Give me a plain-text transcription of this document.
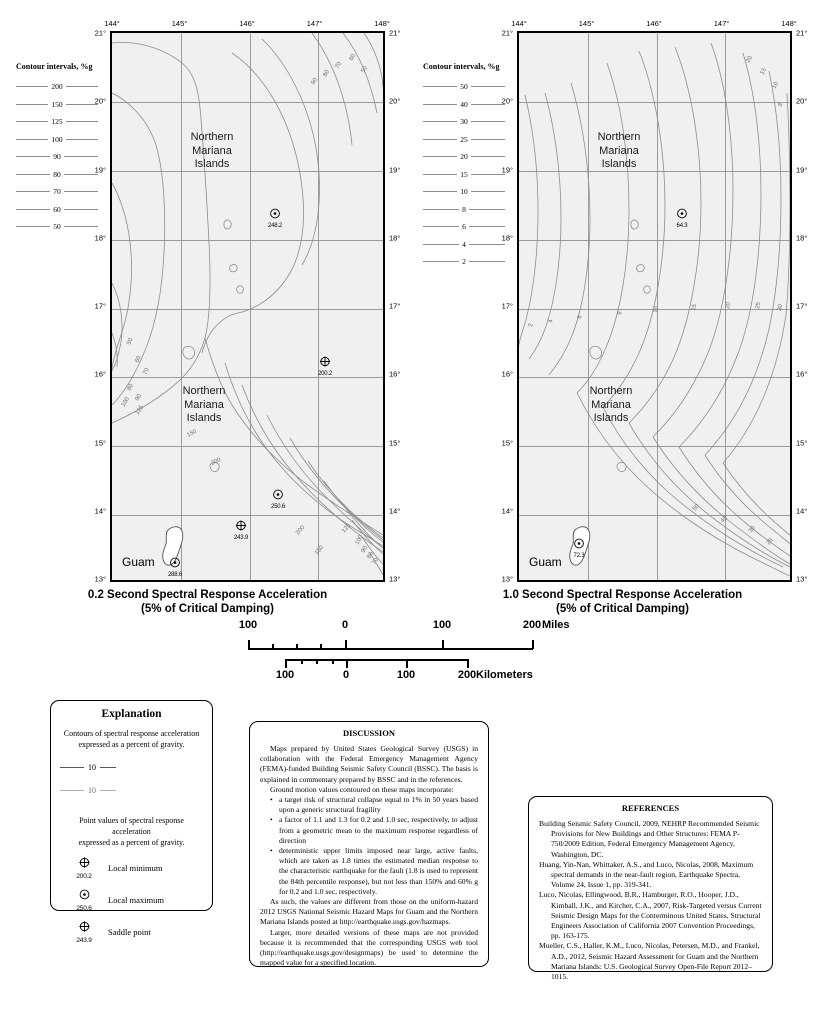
Contour intervals, %g
200
150
125
100
90
80
70
60
50
50
60
70
80
90
100
125
150
200
200
150
125
100
90
80
70
60
50
70
80
90
Northern
Mariana
Islands
Northern
Mariana
Islands
Guam
248.2
200.2
250.6
243.9
288.6
144°	145°	146°	147°	148°
21°	21°
20°	20°
19°	19°
18°	18°
17°	17°
16°	16°
15°	15°
14°	14°
13°	13°
0.2 Second Spectral Response Acceleration
(5% of Critical Damping)
Contour intervals, %g
50
40
30
25
20
15
10
8
6
4
2
2
4
6
8	10	15	20	25 30
50
40
30
25
20
15
10
8
Northern
Mariana
Islands
Northern
Mariana
Islands
Guam
64.3
72.3
144°	145°	146°	147°	148°
21°	21°
20°	20°
19°	19°
18°	18°
17°	17°
16°	16°
15°	15°
14°	14°
13°	13°
1.0 Second Spectral Response Acceleration
(5% of Critical Damping)
100	0	100	200 Miles
100	0	100	200 Kilometers
Explanation
Contours of spectral response acceleration
expressed as a percent of gravity.
10
10
Point values of spectral response acceleration
expressed as a percent of gravity.
200.2
Local minimum
250.6
Local maximum
243.9
Saddle point
DISCUSSION

Maps prepared by United States Geological Survey (USGS) in collaboration with the Federal Emergency Management Agency (FEMA)-funded Building Seismic Safety Council (BSSC). The basis is explained in commentary prepared by BSSC and in the references.

Ground motion values contoured on these maps incorporate:

• a target risk of structural collapse equal to 1% in 50 years based upon a generic structural fragility
• a factor of 1.1 and 1.3 for 0.2 and 1.0 sec, respectively, to adjust from a geometric mean to the maximum response regardless of direction
• deterministic upper limits imposed near large, active faults, which are taken as 1.8 times the estimated median response to the characteristic earthquake for the fault (1.8 is used to represent the 84th percentile response), but not less than 150% and 60% g for 0.2 and 1.0 sec, respectively.

As such, the values are different from those on the uniform-hazard 2012 USGS National Seismic Hazard Maps for Guam and the Northern Mariana Islands posted at http://earthquake.usgs.gov/hazmaps.

Larger, more detailed versions of these maps are not provided because it is recommended that the corresponding USGS web tool (http://earthquake.usgs.gov/designmaps) be used to determine the mapped value for a specified location.

REFERENCES

Building Seismic Safety Council, 2009, NEHRP Recommended Seismic Provisions for New Buildings and Other Structures: FEMA P-750/2009 Edition, Federal Emergency Management Agency, Washington, DC.

Huang, Yin-Nan, Whittaker, A.S., and Luco, Nicolas, 2008, Maximum spectral demands in the near-fault region, Earthquake Spectra, Volume 24, Issue 1, pp. 319-341.

Luco, Nicolas, Ellingwood, B.R., Hamburger, R.O., Hooper, J.D., Kimball, J.K., and Kircher, C.A., 2007, Risk-Targeted versus Current Seismic Design Maps for the Conterminous United States, Structural Engineers Association of California 2007 Convention Proceedings, pp. 163-175.

Mueller, C.S., Haller, K.M., Luco, Nicolas, Petersen, M.D., and Frankel, A.D., 2012, Seismic Hazard Assessment for Guam and the Northern Mariana Islands: U.S. Geological Survey Open-File Report 2012–1015.
